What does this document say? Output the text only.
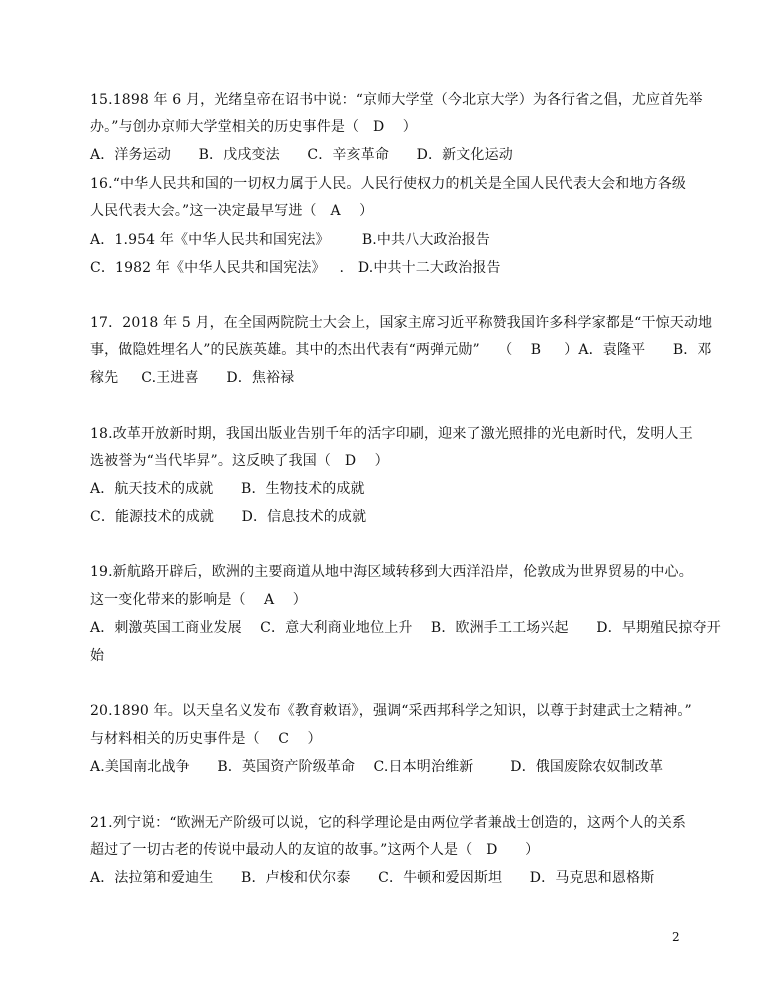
15.1898 年 6 月，光绪皇帝在诏书中说：“京师大学堂（今北京大学）为各行省之倡，尤应首先举
办。”与创办京师大学堂相关的历史事件是（   D    ）
A．洋务运动      B．戊戌变法      C．辛亥革命      D．新文化运动
16.“中华人民共和国的一切权力属于人民。人民行使权力的机关是全国人民代表大会和地方各级
人民代表大会。”这一决定最早写进（   A    ）
A．1.954 年《中华人民共和国宪法》       B.中共八大政治报告
C．1982 年《中华人民共和国宪法》   .   D.中共十二大政治报告
17．2018 年 5 月，在全国两院院士大会上，国家主席习近平称赞我国许多科学家都是“干惊天动地
事，做隐姓埋名人”的民族英雄。其中的杰出代表有“两弹元勋”    （    B     ）A．袁隆平      B．邓
稼先     C.王进喜      D．焦裕禄
18.改革开放新时期，我国出版业告别千年的活字印刷，迎来了激光照排的光电新时代，发明人王
选被誉为“当代毕昇”。这反映了我国（   D    ）
A．航天技术的成就      B．生物技术的成就
C．能源技术的成就      D．信息技术的成就
19.新航路开辟后，欧洲的主要商道从地中海区域转移到大西洋沿岸，伦敦成为世界贸易的中心。
这一变化带来的影响是（    A    ）
A．刺激英国工商业发展    C．意大利商业地位上升    B．欧洲手工工场兴起      D．早期殖民掠夺开
始
20.1890 年。以天皇名义发布《教育敕语》，强调“采西邦科学之知识，以尊于封建武士之精神。”
与材料相关的历史事件是（    C    ）
A.美国南北战争      B．英国资产阶级革命    C.日本明治维新        D．俄国废除农奴制改革
21.列宁说：“欧洲无产阶级可以说，它的科学理论是由两位学者兼战士创造的，这两个人的关系
超过了一切古老的传说中最动人的友谊的故事。”这两个人是（   D      ）
A．法拉第和爱迪生      B．卢梭和伏尔泰      C．牛顿和爱因斯坦      D．马克思和恩格斯
2
